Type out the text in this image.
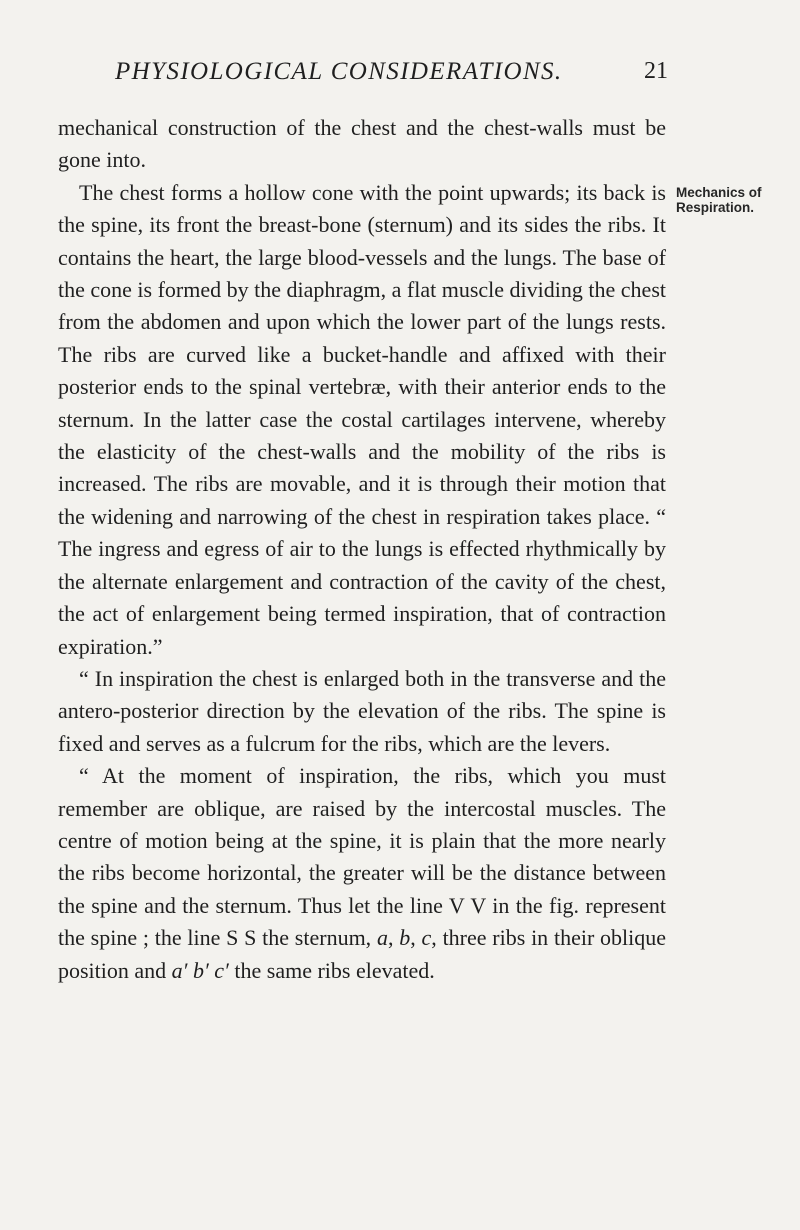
PHYSIOLOGICAL CONSIDERATIONS.	21
Mechanics of
Respiration.

mechanical construction of the chest and the chest-walls must be gone into.

The chest forms a hollow cone with the point upwards; its back is the spine, its front the breast-bone (sternum) and its sides the ribs. It contains the heart, the large blood-vessels and the lungs. The base of the cone is formed by the diaphragm, a flat muscle dividing the chest from the abdomen and upon which the lower part of the lungs rests. The ribs are curved like a bucket-handle and affixed with their posterior ends to the spinal vertebræ, with their anterior ends to the sternum. In the latter case the costal cartilages intervene, whereby the elasticity of the chest-walls and the mobility of the ribs is increased. The ribs are movable, and it is through their motion that the widening and narrowing of the chest in respiration takes place. “ The ingress and egress of air to the lungs is effected rhythmically by the alternate enlargement and contraction of the cavity of the chest, the act of enlargement being termed inspiration, that of contraction expiration.”

“ In inspiration the chest is enlarged both in the transverse and the antero-posterior direction by the elevation of the ribs. The spine is fixed and serves as a fulcrum for the ribs, which are the levers.

“ At the moment of inspiration, the ribs, which you must remember are oblique, are raised by the intercostal muscles. The centre of motion being at the spine, it is plain that the more nearly the ribs become horizontal, the greater will be the distance between the spine and the sternum. Thus let the line V V in the fig. represent the spine ; the line S S the sternum, a, b, c, three ribs in their oblique position and a′ b′ c′ the same ribs elevated.
